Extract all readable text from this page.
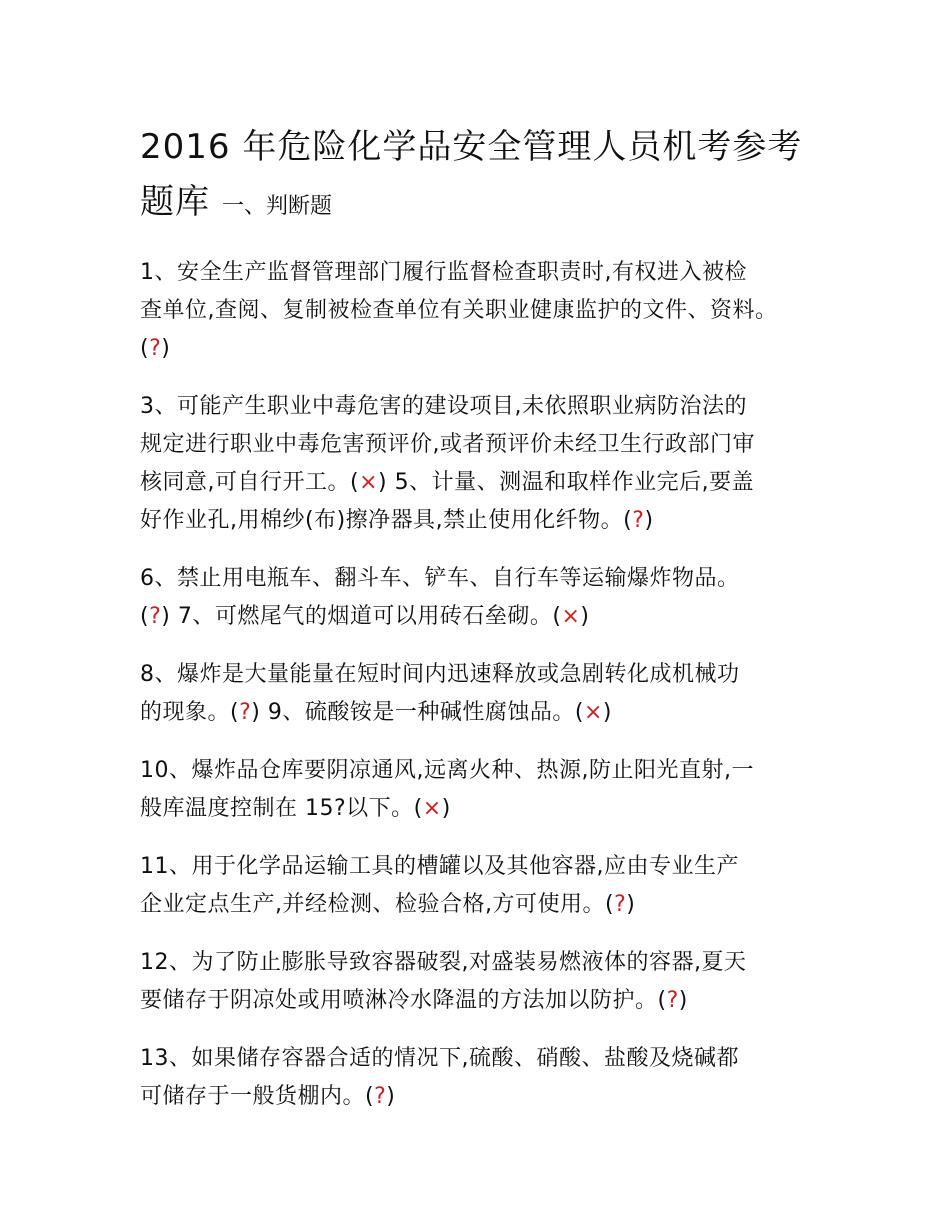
2016 年危险化学品安全管理人员机考参考
题库 一、判断题
1、安全生产监督管理部门履行监督检查职责时,有权进入被检
查单位,查阅、复制被检查单位有关职业健康监护的文件、资料。
(?)
3、可能产生职业中毒危害的建设项目,未依照职业病防治法的
规定进行职业中毒危害预评价,或者预评价未经卫生行政部门审
核同意,可自行开工。(×) 5、计量、测温和取样作业完后,要盖
好作业孔,用棉纱(布)擦净器具,禁止使用化纤物。(?)
6、禁止用电瓶车、翻斗车、铲车、自行车等运输爆炸物品。
(?) 7、可燃尾气的烟道可以用砖石垒砌。(×)
8、爆炸是大量能量在短时间内迅速释放或急剧转化成机械功
的现象。(?) 9、硫酸铵是一种碱性腐蚀品。(×)
10、爆炸品仓库要阴凉通风,远离火种、热源,防止阳光直射,一
般库温度控制在 15?以下。(×)
11、用于化学品运输工具的槽罐以及其他容器,应由专业生产
企业定点生产,并经检测、检验合格,方可使用。(?)
12、为了防止膨胀导致容器破裂,对盛装易燃液体的容器,夏天
要储存于阴凉处或用喷淋冷水降温的方法加以防护。(?)
13、如果储存容器合适的情况下,硫酸、硝酸、盐酸及烧碱都
可储存于一般货棚内。(?)
